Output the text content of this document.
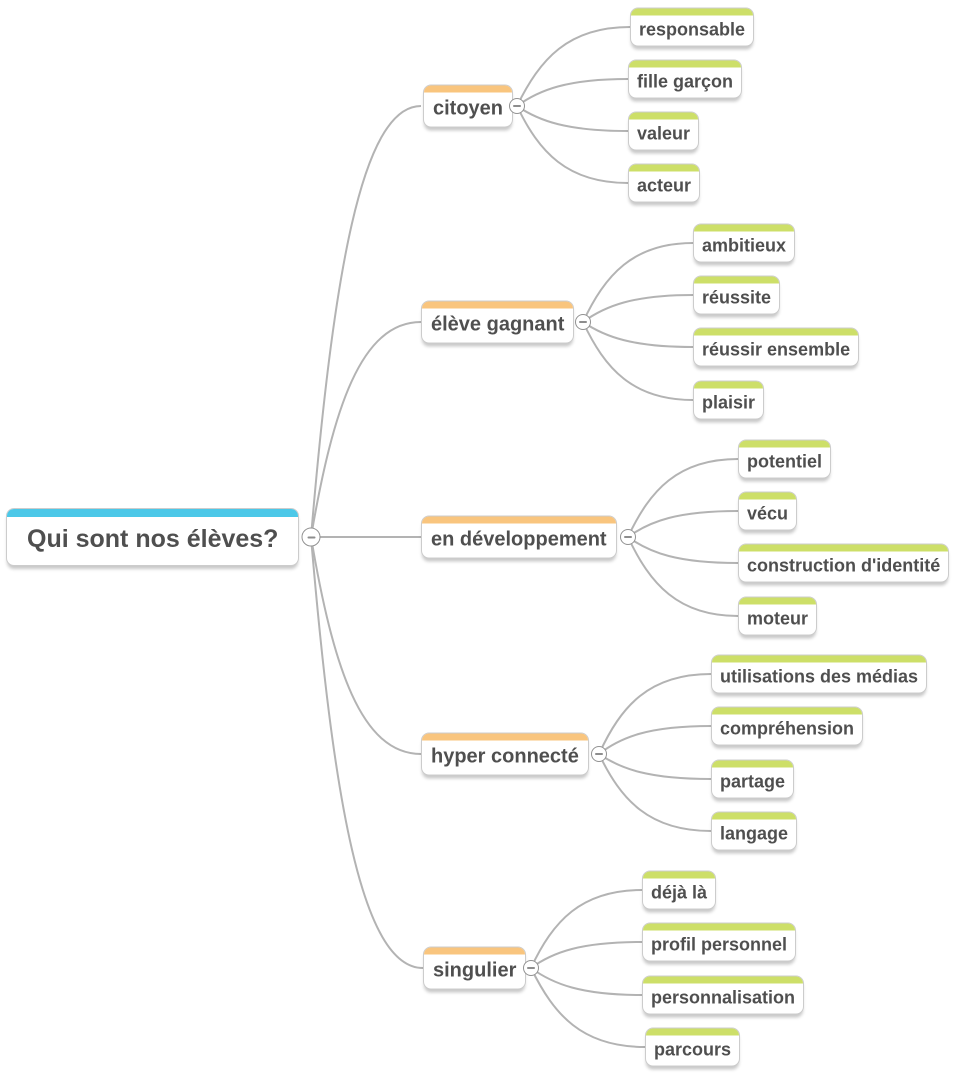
Qui sont nos élèves?
citoyen
élève gagnant
en développement
hyper connecté
singulier
responsable
fille garçon
valeur
acteur
ambitieux
réussite
réussir ensemble
plaisir
potentiel
vécu
construction d'identité
moteur
utilisations des médias
compréhension
partage
langage
déjà là
profil personnel
personnalisation
parcours
